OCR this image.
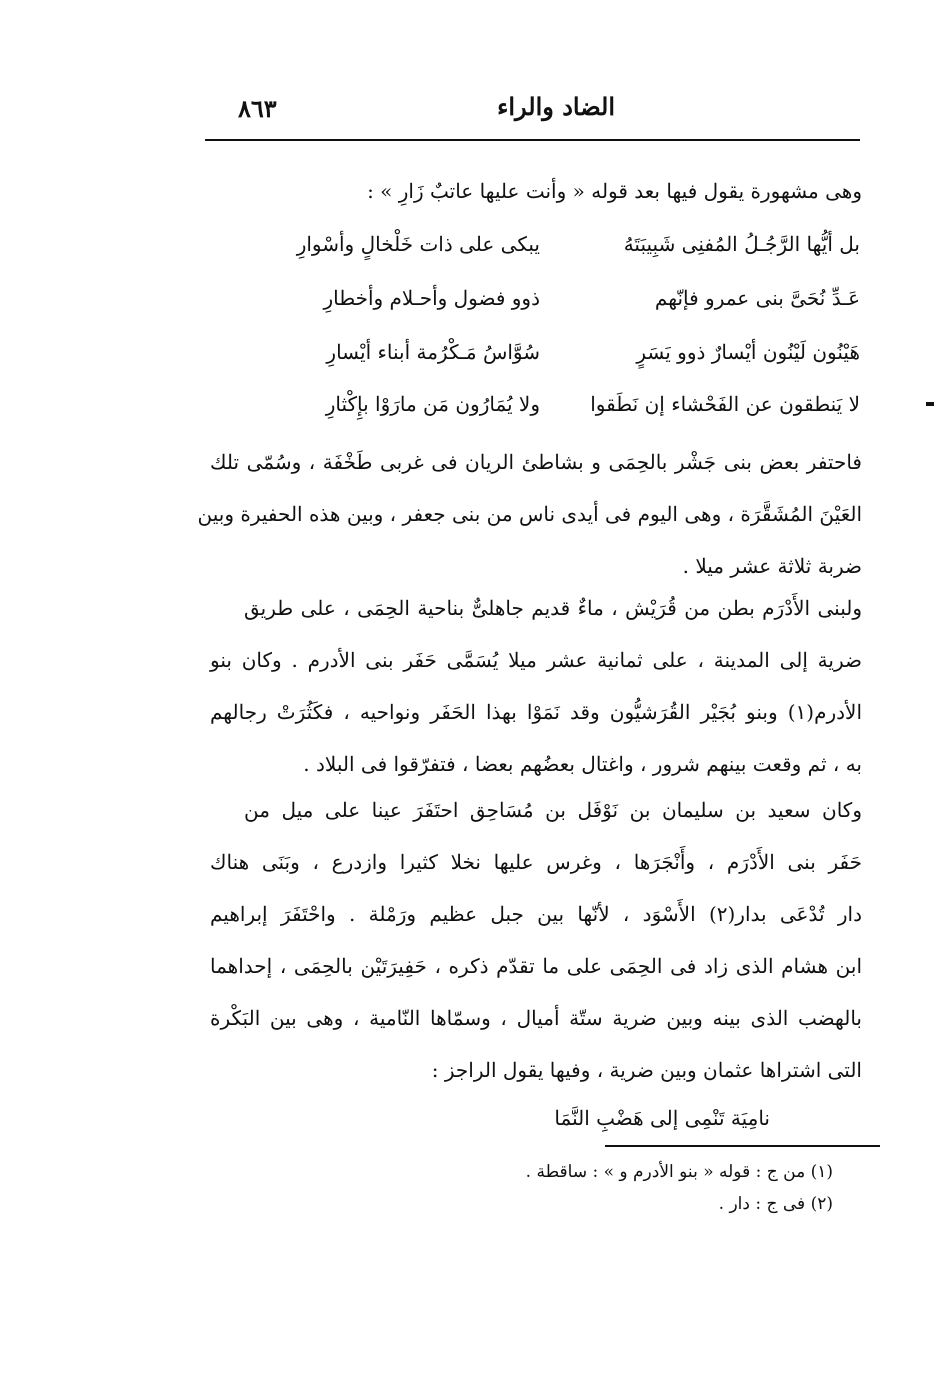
الضاد والراء
٨٦٣
وهى مشهورة يقول فيها بعد قوله « وأنت عليها عاتبٌ زَارِ » :
بل أيُّها الرَّجُـلُ المُفنِى شَبِيبَتَهُ
يبكى على ذات خَلْخالٍ وأسْوارِ
عَـدِّ نُحَىَّ بنى عمرو فإنّهم
ذوو فضول وأحـلام وأخطارِ
هَيْنُون لَيْنُون أيْسارٌ ذوو يَسَرٍ
سُوَّاسُ مَـكْرُمة أبناء أيْسارِ
لا يَنطقون عن الفَحْشاء إن نَطَقوا
ولا يُمَارُون مَن مارَوْا بإِكْثارِ
فاحتفر بعض بنى جَشْر بالحِمَى و بشاطئ الريان فى غربى طَخْفَة ، وسُمّى تلك
العَيْنَ المُشَقَّرَة ، وهى اليوم فى أيدى ناس من بنى جعفر ، وبين هذه الحفيرة وبين
ضربة ثلاثة عشر ميلا .
ولبنى الأَدْرَم بطن من قُرَيْش ، ماءٌ قديم جاهلىٌّ بناحية الحِمَى ، على طريق
ضرية إلى المدينة ، على ثمانية عشر ميلا يُسَمَّى حَفَر بنى الأدرم . وكان بنو
الأدرم(١) وبنو بُجَيْر القُرَشيُّون وقد نَمَوْا بهذا الحَفَر ونواحيه ، فكَثُرَتْ رجالهم
به ، ثم وقعت بينهم شرور ، واغتال بعضُهم بعضا ، فتفرّقوا فى البلاد .
وكان سعيد بن سليمان بن نَوْفَل بن مُسَاحِق احتَفَرَ عينا على ميل من
حَفَر بنى الأَدْرَم ، وأَنْجَرَها ، وغرس عليها نخلا كثيرا وازدرع ، وبَنَى هناك
دار تُدْعَى بدار(٢) الأَسْوَد ، لأنّها بين جبل عظيم ورَمْلة . واحْتَفَرَ إبراهيم
ابن هشام الذى زاد فى الحِمَى على ما تقدّم ذكره ، حَفِيرَتَيْن بالحِمَى ، إحداهما
بالهضب الذى بينه وبين ضرية ستّة أميال ، وسمّاها النّامية ، وهى بين البَكْرة
التى اشتراها عثمان وبين ضرية ، وفيها يقول الراجز :
نامِيَة تَنْمِى إلى هَضْبِ النَّمَا
(١) من ج : قوله « بنو الأدرم و » : ساقطة .
(٢) فى ج : دار .
